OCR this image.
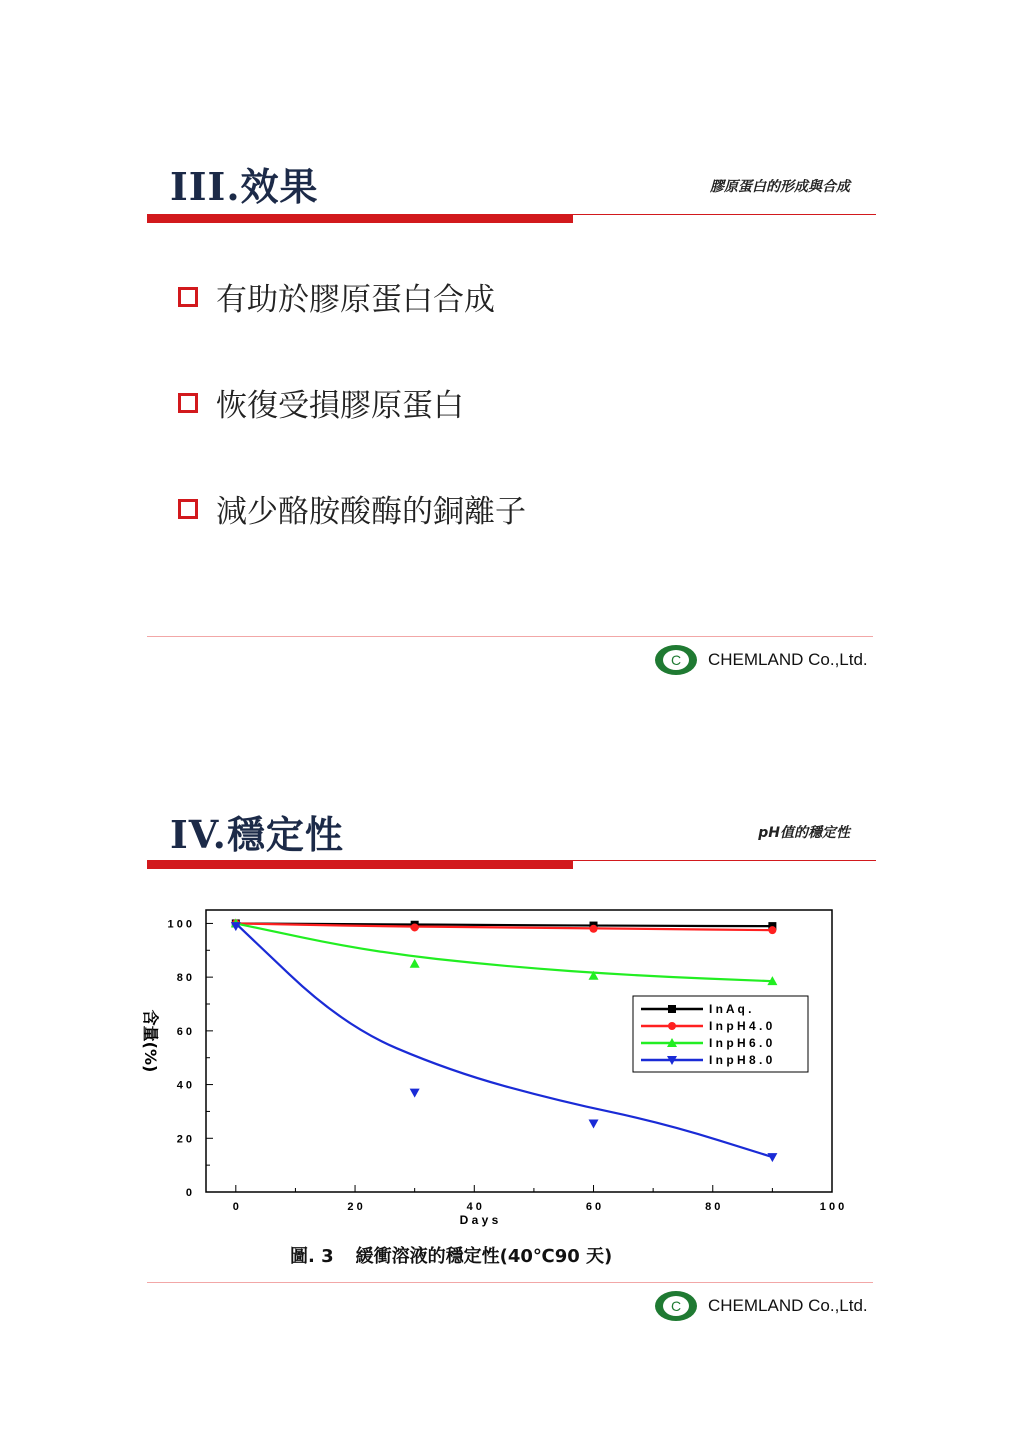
III.效果	膠原蛋白的形成與合成
有助於膠原蛋白合成
恢復受損膠原蛋白
減少酪胺酸酶的銅離子
C CHEMLAND Co.,Ltd.
IV.穩定性	pH值的穩定性
0	2 0	4 0	6 0	8 0	1 0 0
0
2 0
4 0
6 0
8 0
1 0 0
D a y s
含量(%)
I n A q .
I n p H 4 . 0
I n p H 6 . 0
I n p H 8 . 0
圖. 3 緩衝溶液的穩定性(40℃90 天)
C CHEMLAND Co.,Ltd.
